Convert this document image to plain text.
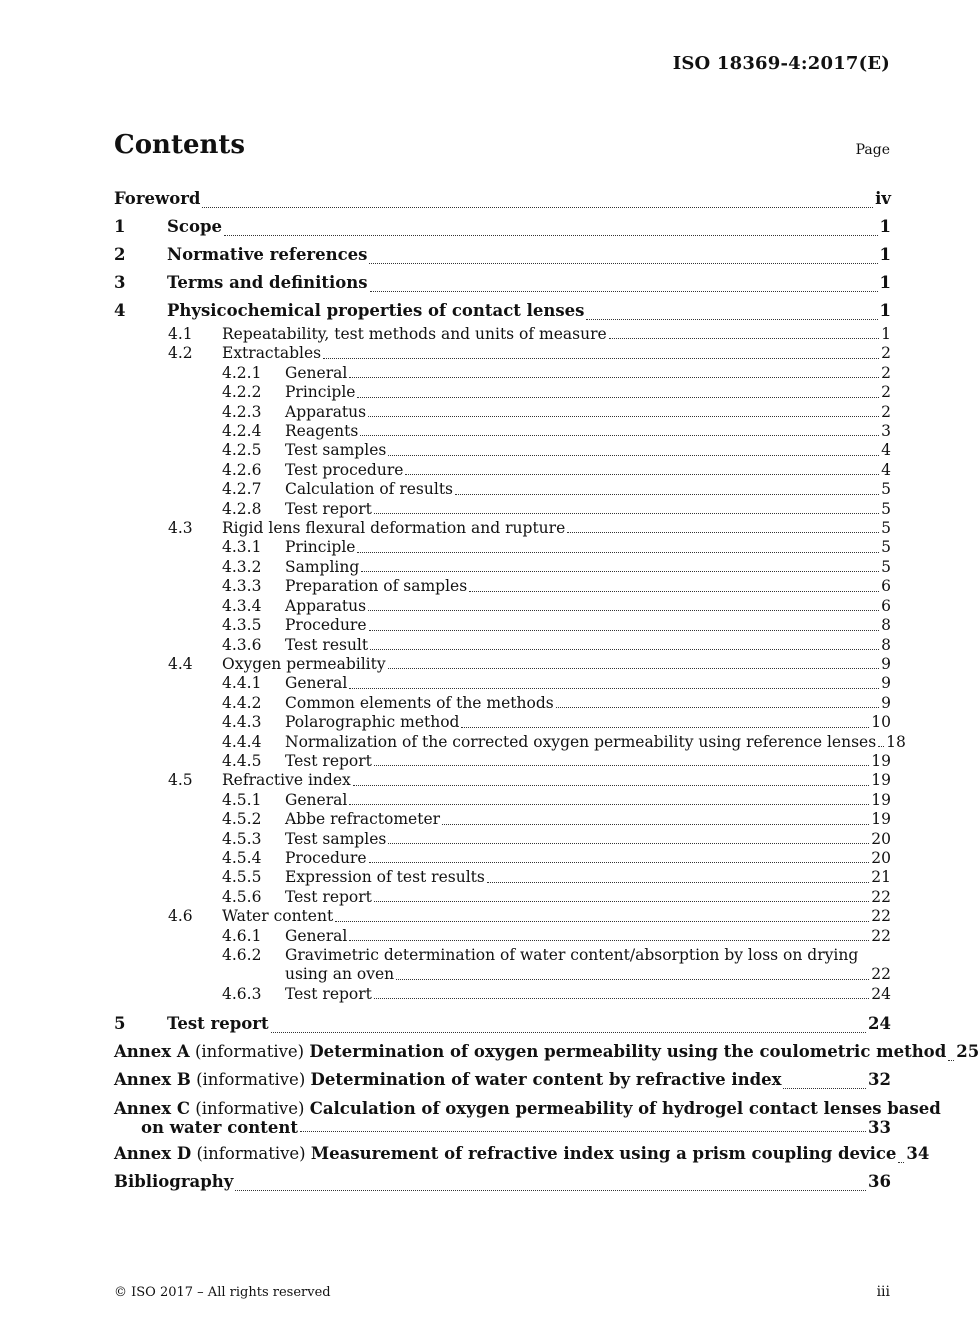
ISO 18369-4:2017(E)
Contents	Page
Foreword	iv
1	Scope	1
2	Normative references	1
3	Terms and definitions	1
4	Physicochemical properties of contact lenses	1
4.1 Repeatability, test methods and units of measure	1
4.2 Extractables	2
4.2.1 General	2
4.2.2 Principle	2
4.2.3 Apparatus	2
4.2.4 Reagents	3
4.2.5 Test samples	4
4.2.6 Test procedure	4
4.2.7 Calculation of results	5
4.2.8 Test report	5
4.3 Rigid lens flexural deformation and rupture	5
4.3.1 Principle	5
4.3.2 Sampling	5
4.3.3 Preparation of samples	6
4.3.4 Apparatus	6
4.3.5 Procedure	8
4.3.6 Test result	8
4.4 Oxygen permeability	9
4.4.1 General	9
4.4.2 Common elements of the methods	9
4.4.3 Polarographic method	10
4.4.4 Normalization of the corrected oxygen permeability using reference lenses 18
4.4.5 Test report	19
4.5 Refractive index	19
4.5.1 General	19
4.5.2 Abbe refractometer	19
4.5.3 Test samples	20
4.5.4 Procedure	20
4.5.5 Expression of test results	21
4.5.6 Test report	22
4.6 Water content	22
4.6.1 General	22
4.6.2 Gravimetric determination of water content/absorption by loss on drying
using an oven	22
4.6.3 Test report	24
5	Test report	24
Annex A (informative) Determination of oxygen permeability using the coulometric method 25
Annex B (informative) Determination of water content by refractive index	32
Annex C (informative) Calculation of oxygen permeability of hydrogel contact lenses based
on water content	33
Annex D (informative) Measurement of refractive index using a prism coupling device 34
Bibliography	36
© ISO 2017 – All rights reserved	iii
